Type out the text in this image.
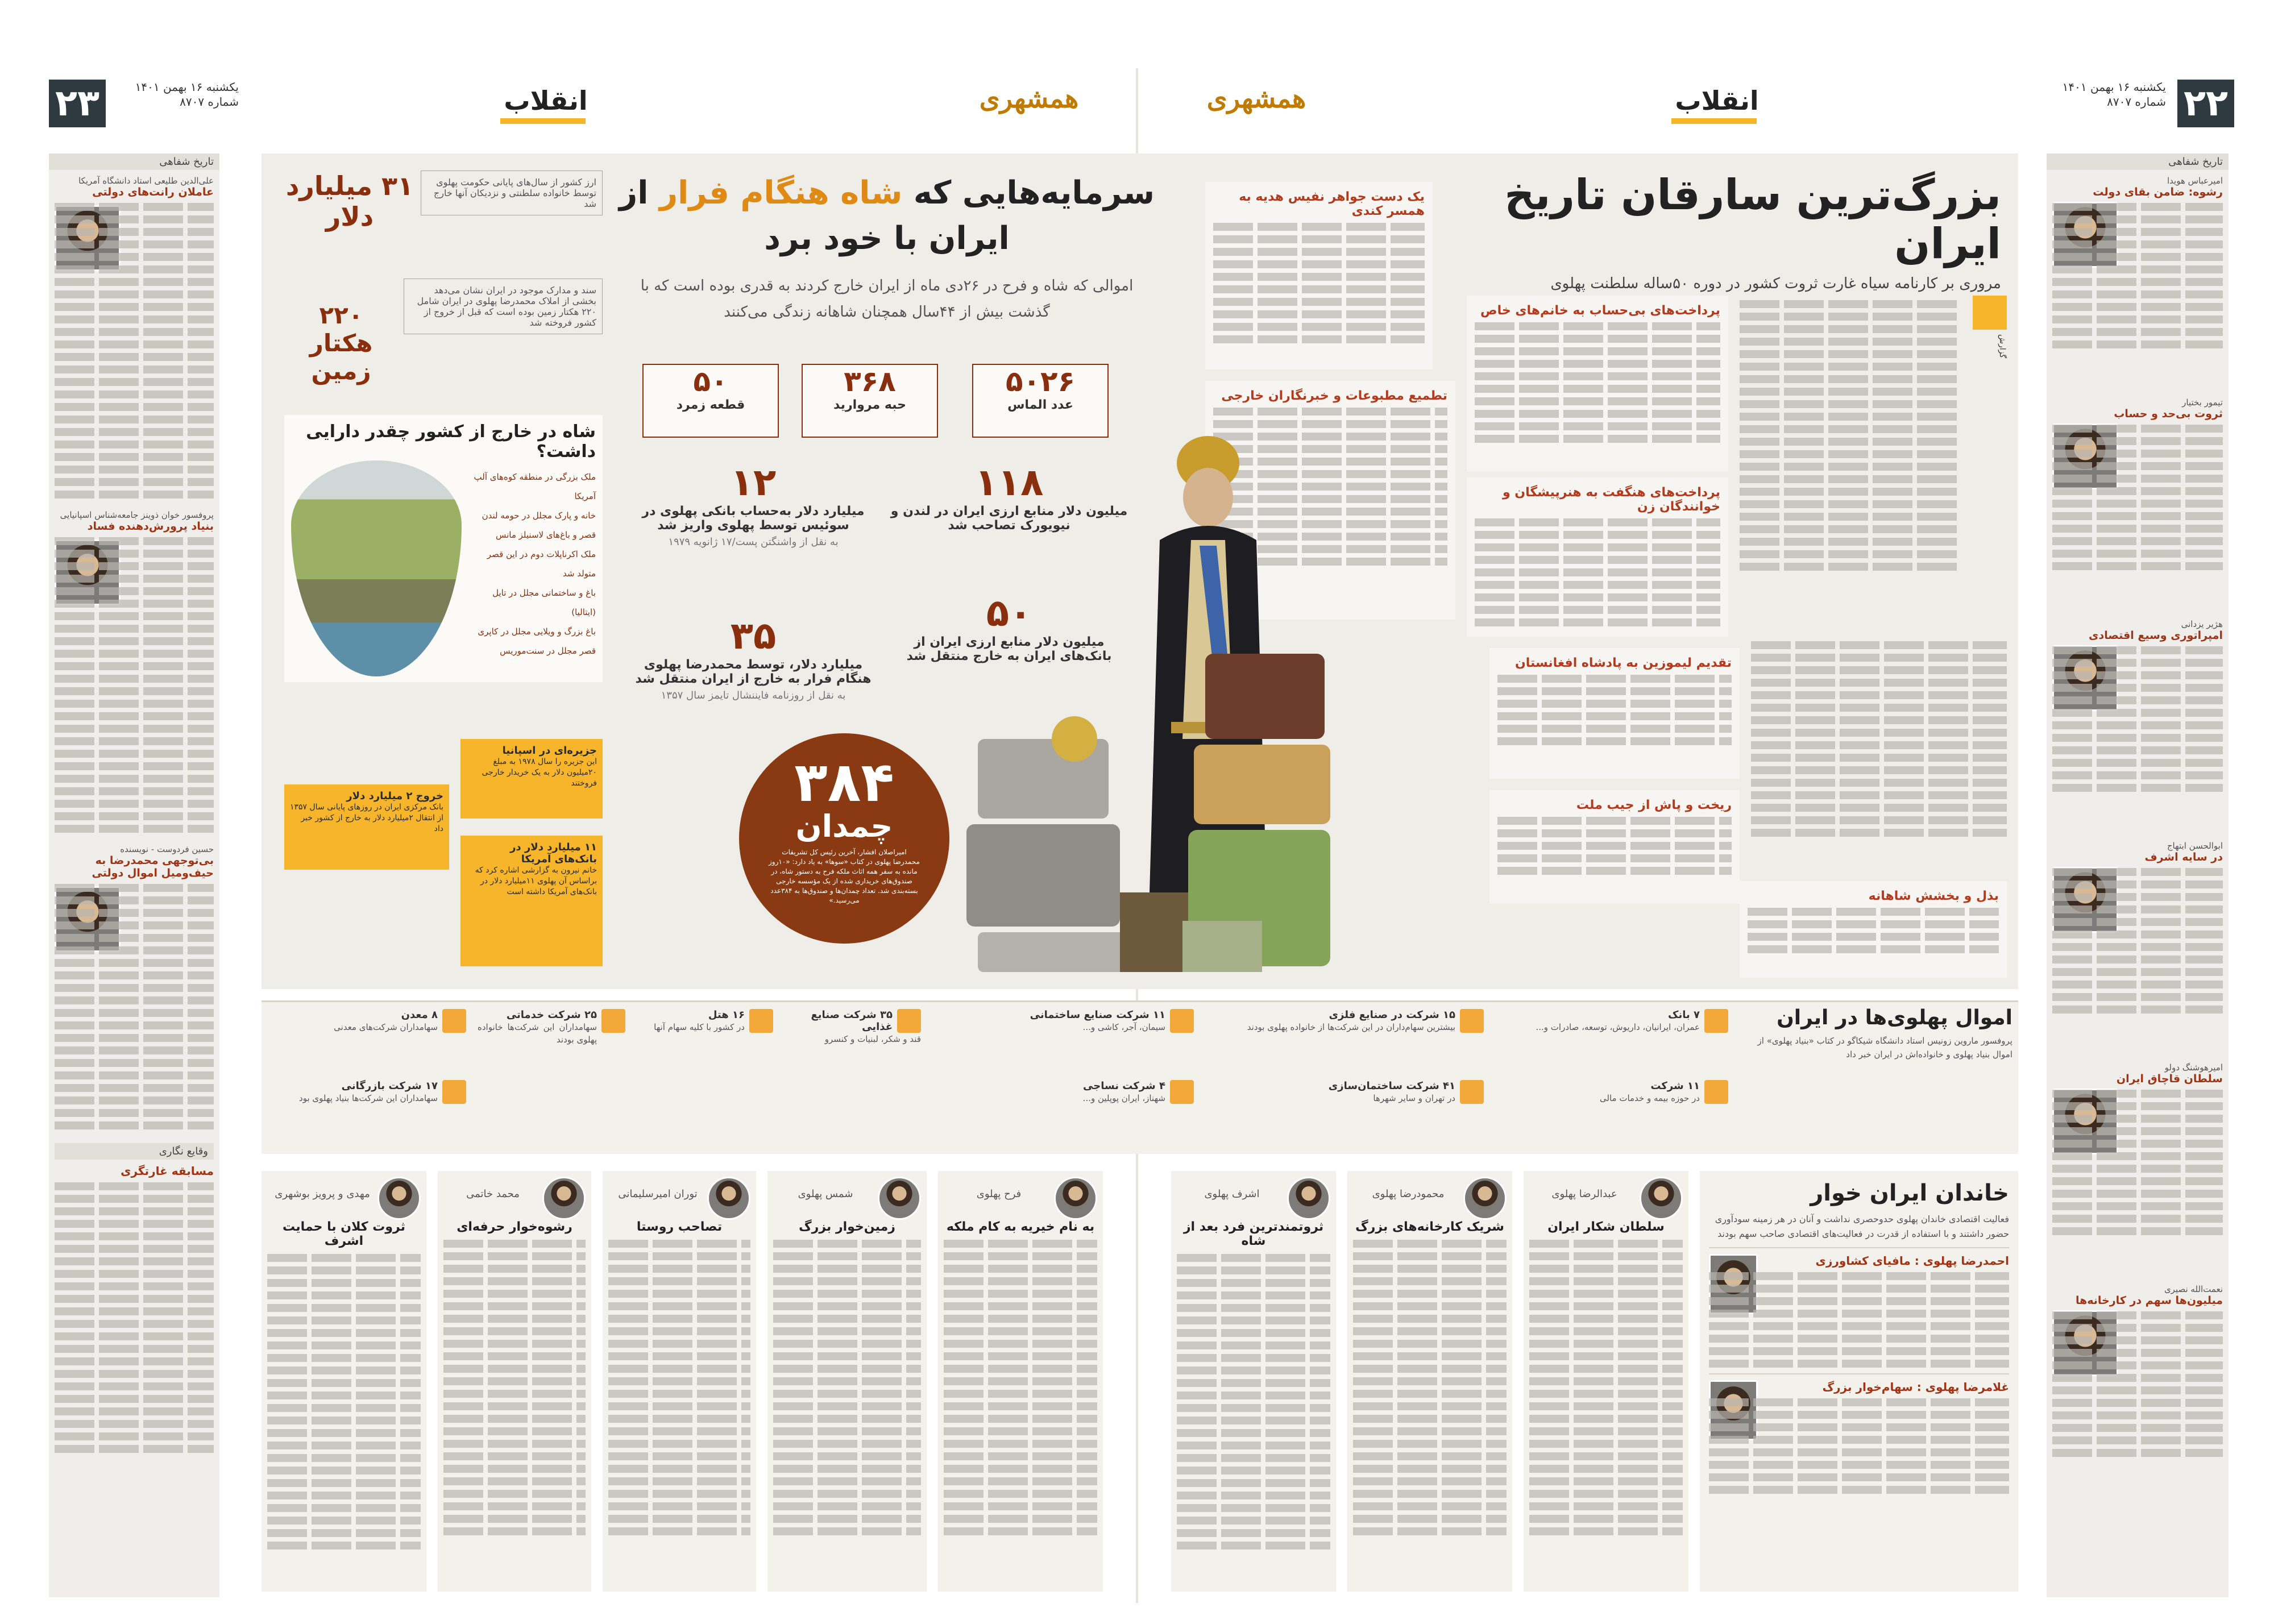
۲۳	یکشنبه ۱۶ بهمن ۱۴۰۱
شماره ۸۷۰۷	همشهری
انقلاب	۲۲
یکشنبه ۱۶ بهمن ۱۴۰۱
شماره ۸۷۰۷
همشهری	انقلاب
تاریخ شفاهی
علی‌الدین طلیعی استاد دانشگاه آمریکا
عاملان رانت‌های دولتی
پروفسور خوان ذوینز جامعه‌شناس اسپانیایی
بنیاد پرورش‌دهنده فساد
حسین فردوست - نویسنده
بی‌توجهی محمدرضا به حیف‌ومیل اموال دولتی
وقایع نگاری
مسابقه غارتگری
تاریخ شفاهی
امیرعباس هویدا
رشوه: ضامن بقای دولت
تیمور بختیار
ثروت بی‌حد و حساب
هژیر یزدانی
امپراتوری وسیع اقتصادی
ابوالحسن ابتهاج
در سایه اشرف
امیرهوشنگ دولو
سلطان قاچاق ایران
نعمت‌الله نصیری
میلیون‌ها سهم در کارخانه‌ها
بزرگ‌ترین سارقان تاریخ ایران
مروری بر کارنامه سیاه غارت ثروت کشور در دوره ۵۰ساله سلطنت پهلوی
گزارش
پرداخت‌های بی‌حساب به خانم‌های خاص
پرداخت‌های هنگفت به هنرپیشگان و خوانندگان زن
تطمیع مطبوعات و خبرنگاران خارجی
یک دست جواهر نفیس هدیه به همسر کندی
تقدیم لیموزین به پادشاه افغانستان
ریخت و پاش از جیب ملت
بذل و بخشش شاهانه
سرمایه‌هایی که شاه هنگام فرار از ایران با خود برد
اموالی که شاه و فرح در ۲۶دی ماه از ایران خارج کردند به قدری بوده است که با گذشت بیش از ۴۴سال همچنان شاهانه زندگی می‌کنند
۵۰۲۶
عدد الماس
۳۶۸
حبه مروارید
۵۰
قطعه زمرد
۱۱۸
میلیون دلار منابع ارزی ایران در لندن و نیویورک تصاحب شد
۱۲
میلیارد دلار به‌حساب بانکی پهلوی در سوئیس توسط پهلوی واریز شد
به نقل از واشنگتن پست/۱۷ ژانویه ۱۹۷۹
۵۰
میلیون دلار منابع ارزی ایران از بانک‌های ایران به خارج منتقل شد
۳۵
میلیارد دلار، توسط محمدرضا پهلوی هنگام فرار به خارج از ایران منتقل شد
به نقل از روزنامه فایننشال تایمز سال ۱۳۵۷
۳۸۴
چمدان
امیراصلان افشار، آخرین رئیس کل تشریفات محمدرضا پهلوی در کتاب «سوها» به یاد دارد: «۱۰روز مانده به سفر همه اثاث ملکه فرح به دستور شاه، در صندوق‌های خریداری شده از یک مؤسسه خارجی بسته‌بندی شد. تعداد چمدان‌ها و صندوق‌ها به ۳۸۴عدد می‌رسید.»
۳۱ میلیارد دلار
ارز کشور از سال‌های پایانی حکومت پهلوی توسط خانواده سلطنتی و نزدیکان آنها خارج شد
۲۲۰ هکتار زمین
سند و مدارک موجود در ایران نشان می‌دهد بخشی از املاک محمدرضا پهلوی در ایران شامل ۲۲۰ هکتار زمین بوده است که قبل از خروج از کشور فروخته شد
شاه در خارج از کشور چقدر دارایی داشت؟
ملک بزرگی در منطقه کوه‌های آلپ آمریکا
خانه و پارک مجلل در حومه لندن
قصر و باغ‌های لاسنیلز مانس
ملک اکرناپلات دوم در این قصر متولد شد
باغ و ساختمانی مجلل در تایل (ایتالیا)
باغ بزرگ و ویلایی مجلل در کاپری
قصر مجلل در سنت‌موریس
جزیره‌ای در اسپانیا
این جزیره را سال ۱۹۷۸ به مبلغ ۲۰میلیون دلار به یک خریدار خارجی فروختند
خروج ۲ میلیارد دلار
بانک مرکزی ایران در روزهای پایانی سال ۱۳۵۷ از انتقال ۲میلیارد دلار به خارج از کشور خبر داد
۱۱ میلیارد دلار در بانک‌های آمریکا
خانم نیرون به گزارشی اشاره کرد که براساس آن پهلوی ۱۱میلیارد دلار در بانک‌های آمریکا داشته است
اموال پهلوی‌ها در ایران
پروفسور ماروین زونیس استاد دانشگاه شیکاگو در کتاب «بنیاد پهلوی» از اموال بنیاد پهلوی و خانواده‌اش در ایران خبر داد
۷ بانک
عمران، ایرانیان، داریوش، توسعه، صادرات و...
۱۵ شرکت در صنایع فلزی
بیشترین سهام‌داران در این شرکت‌ها از خانواده پهلوی بودند
۱۱ شرکت
در حوزه بیمه و خدمات مالی
۴۱ شرکت ساختمان‌سازی
در تهران و سایر شهرها
۱۱ شرکت صنایع ساختمانی
سیمان، آجر، کاشی و...
۴ شرکت نساجی
شهناز، ایران پوپلین و...
۳۵ شرکت صنایع غذایی
قند و شکر، لبنیات و کنسرو
۱۶ هتل
در کشور با کلیه سهام آنها
۲۵ شرکت خدماتی
سهامداران این شرکت‌ها خانواده پهلوی بودند
۸ معدن
سهامداران شرکت‌های معدنی
۱۷ شرکت بازرگانی
سهامداران این شرکت‌ها بنیاد پهلوی بود
خاندان ایران خوار
فعالیت اقتصادی خاندان پهلوی حدوحصری نداشت و آنان در هر زمینه سودآوری حضور داشتند و با استفاده از قدرت در فعالیت‌های اقتصادی صاحب سهم بودند
احمدرضا پهلوی : مافیای کشاورزی
غلامرضا پهلوی : سهام‌خوار بزرگ
عبدالرضا پهلوی
سلطان شکار ایران
محمودرضا پهلوی
شریک کارخانه‌های بزرگ
اشرف پهلوی
ثروتمندترین فرد بعد از شاه
فرح پهلوی
به نام خیریه به کام ملکه
شمس پهلوی
زمین‌خوار بزرگ
توران امیرسلیمانی
تصاحب روستا
محمد خاتمی
رشوه‌خوار حرفه‌ای
مهدی و پرویز بوشهری
ثروت کلان با حمایت اشرف
